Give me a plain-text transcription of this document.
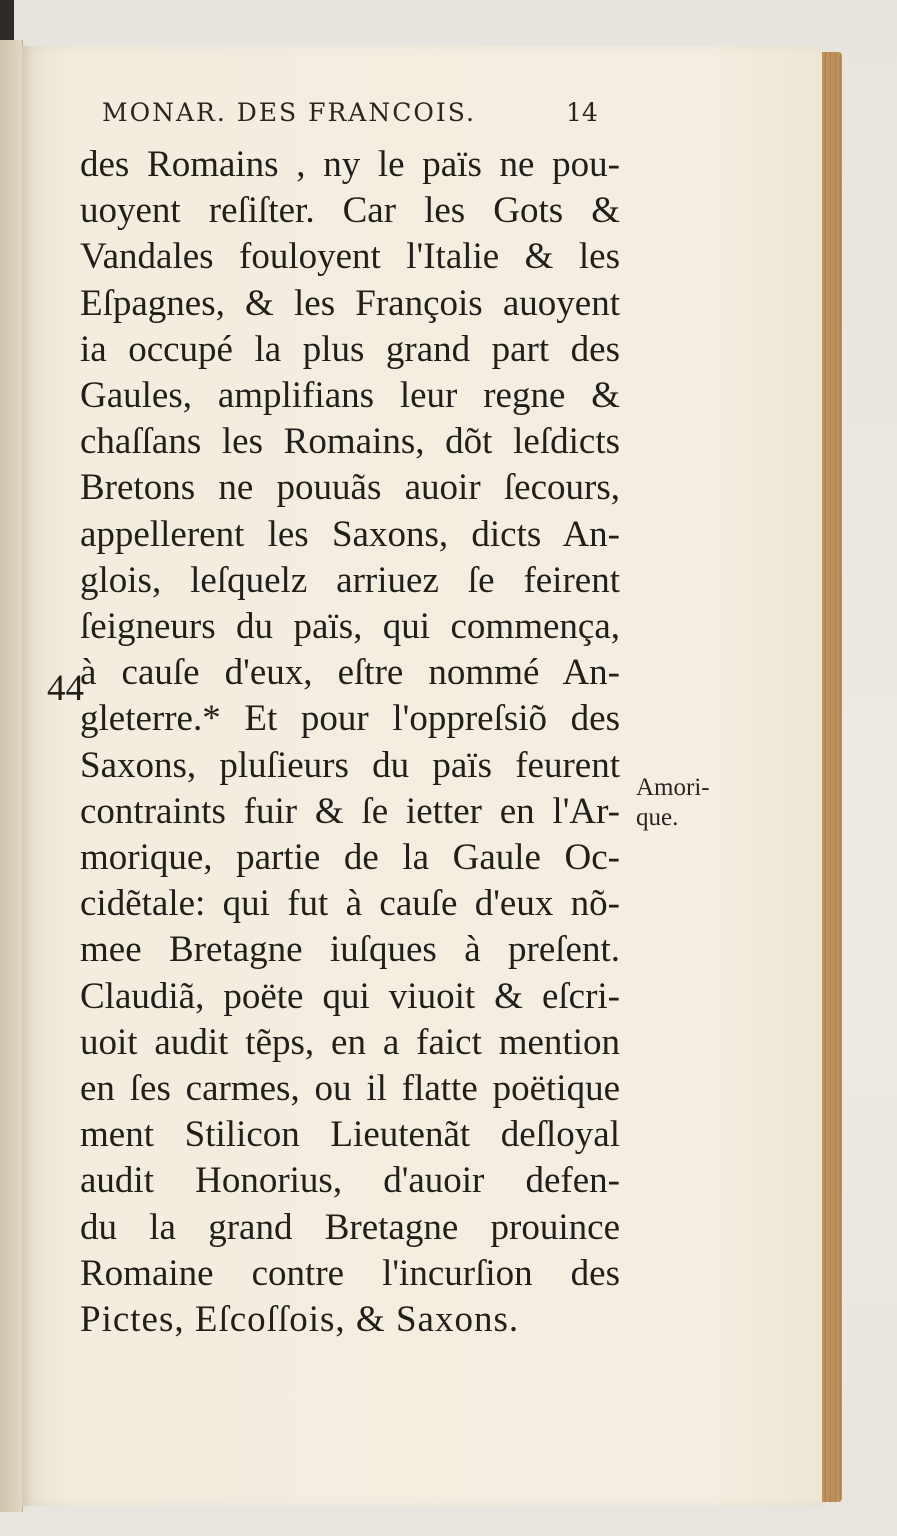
MONAR. DES FRANCOIS.	14
des Romains , ny le païs ne pou-
uoyent reſiſter. Car les Gots &
Vandales fouloyent l'Italie & les
Eſpagnes, & les François auoyent
ia occupé la plus grand part des
Gaules, amplifians leur regne &
chaſſans les Romains, dõt leſdicts
Bretons ne pouuãs auoir ſecours,
appellerent les Saxons, dicts An-
glois, leſquelz arriuez ſe feirent
ſeigneurs du païs, qui commença,
à cauſe d'eux, eſtre nommé An-
gleterre.* Et pour l'oppreſsiõ des
Saxons, pluſieurs du païs feurent
contraints fuir & ſe ietter en l'Ar-
morique, partie de la Gaule Oc-
cidẽtale: qui fut à cauſe d'eux nõ-
mee Bretagne iuſques à preſent.
Claudiã, poëte qui viuoit & eſcri-
uoit audit tẽps, en a faict mention
en ſes carmes, ou il flatte poëtique
ment Stilicon Lieutenãt deſloyal
audit Honorius, d'auoir defen-
du la grand Bretagne prouince
Romaine contre l'incurſion des
Pictes, Eſcoſſois, & Saxons.
44
Amori-
que.
